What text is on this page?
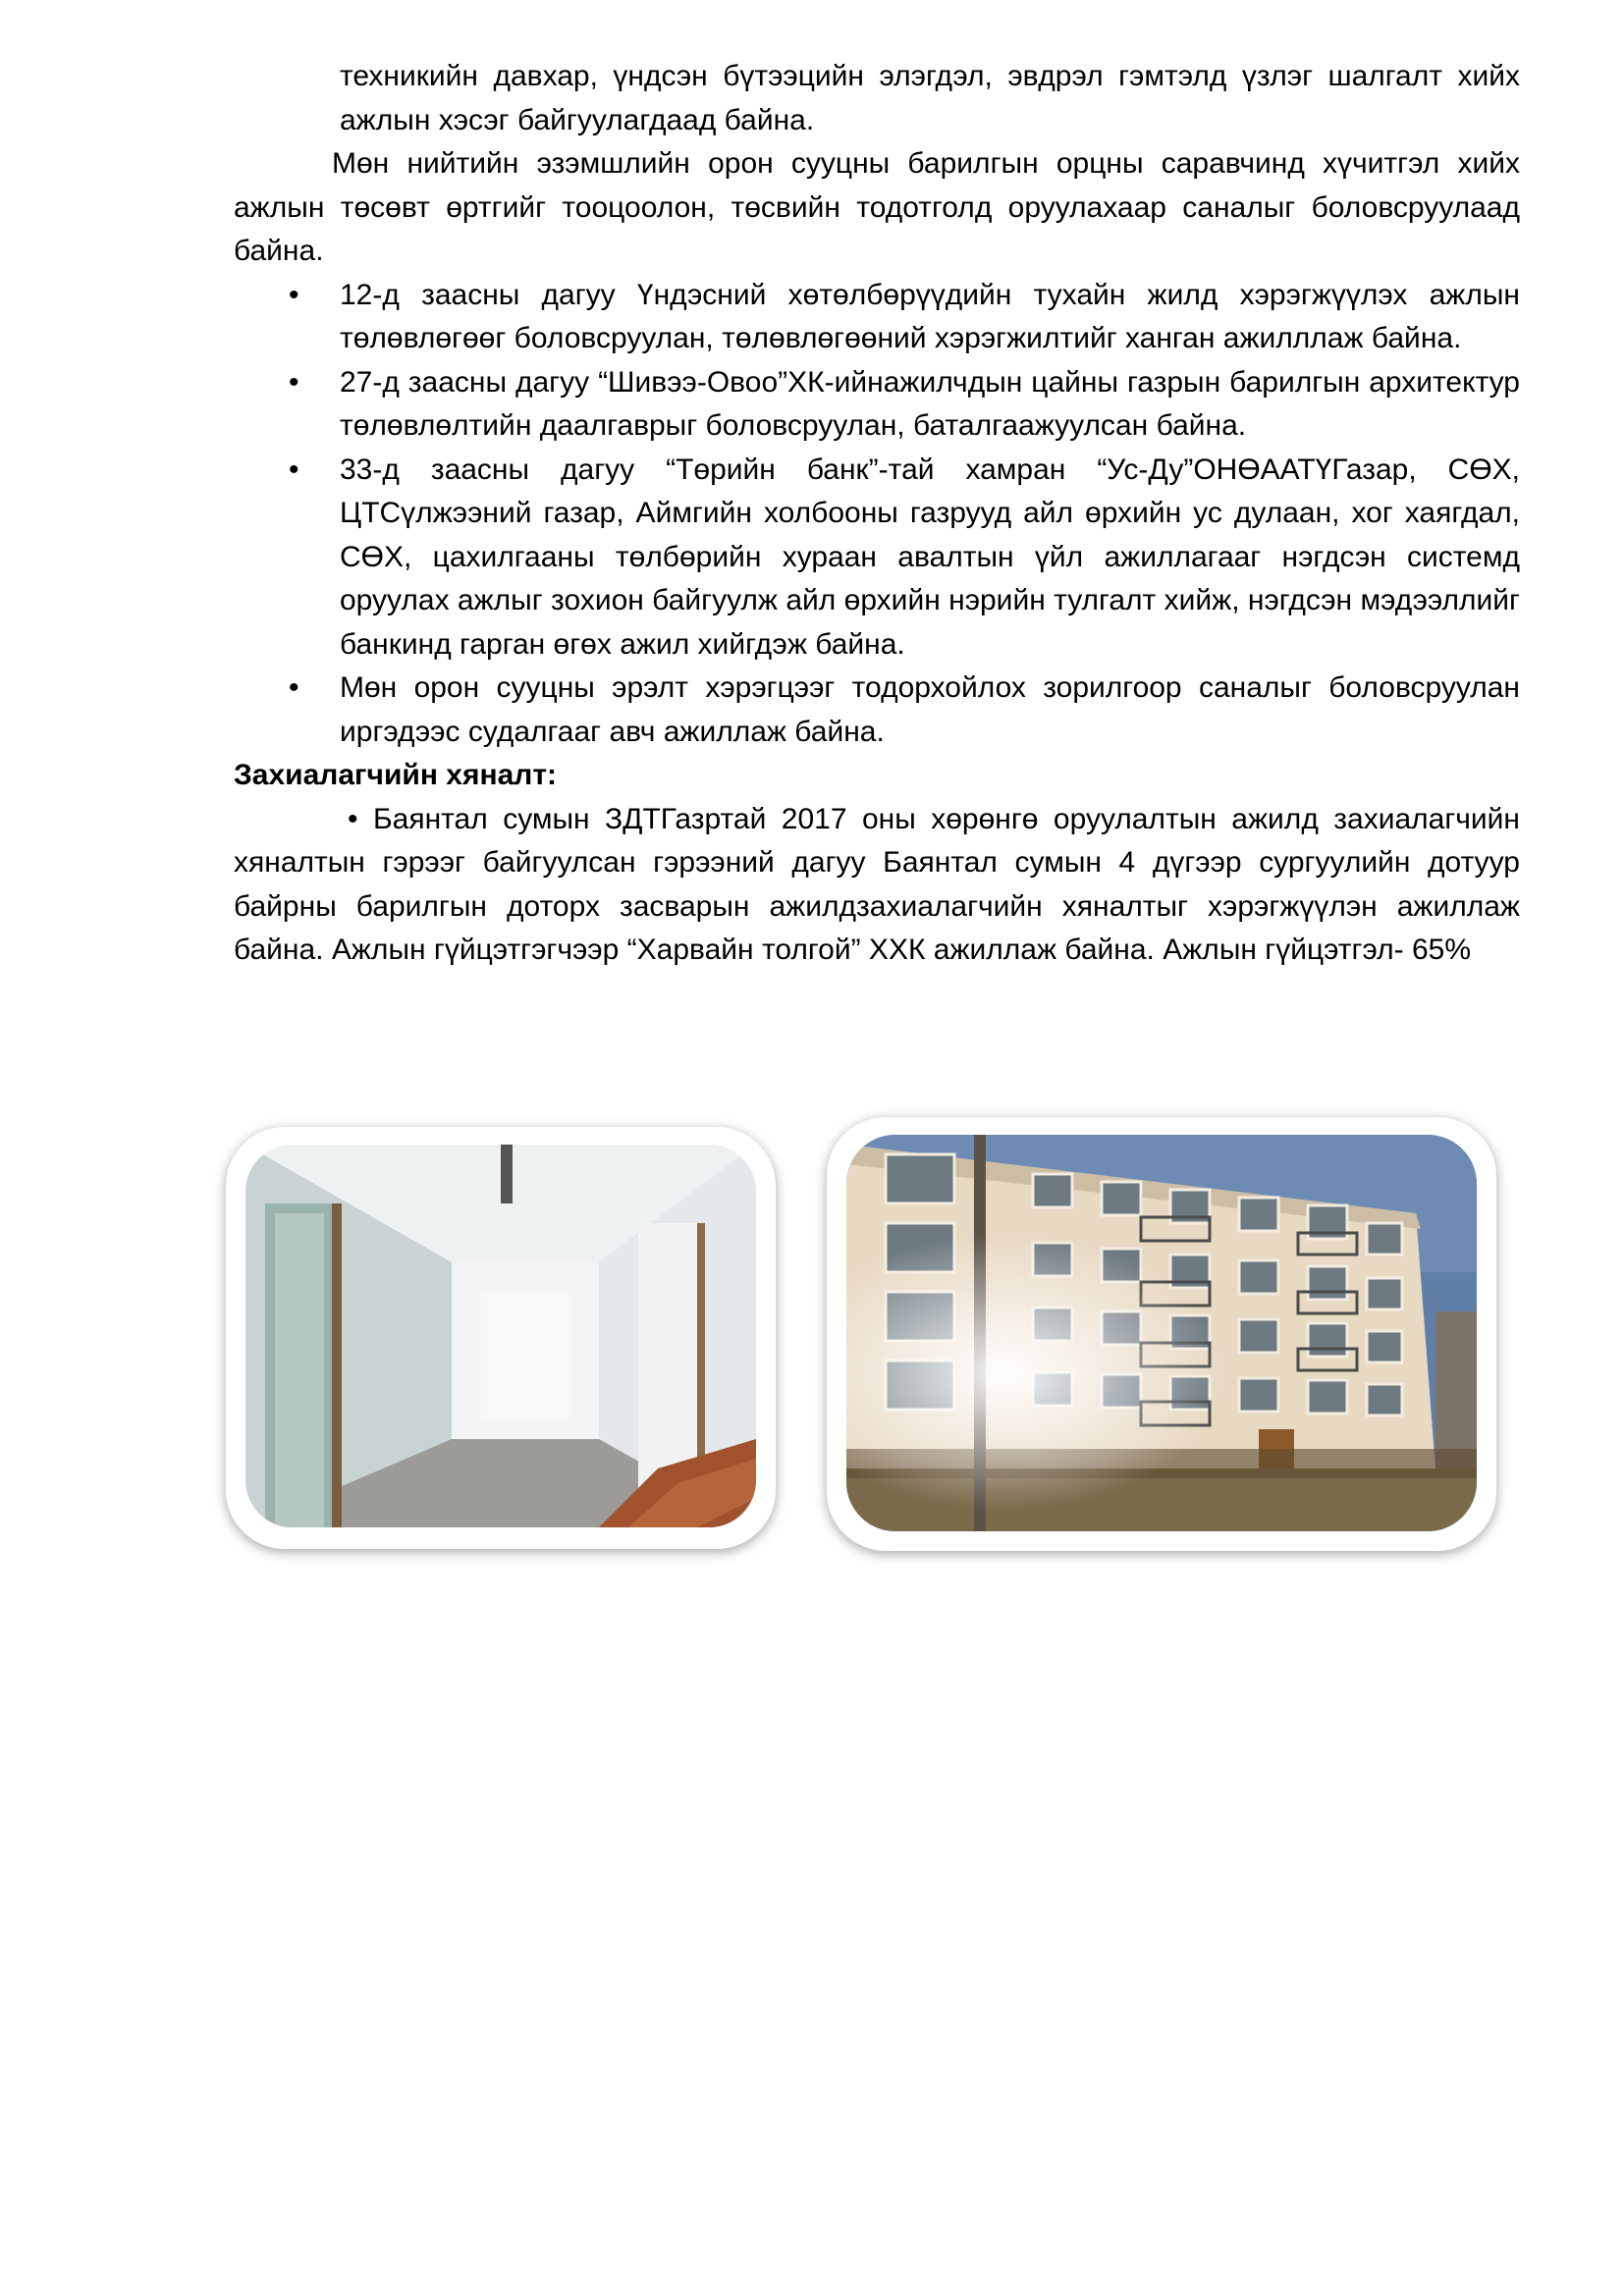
техникийн давхар, үндсэн бүтээцийн элэгдэл, эвдрэл гэмтэлд үзлэг шалгалт хийх ажлын хэсэг байгуулагдаад байна.

Мөн нийтийн эзэмшлийн орон сууцны барилгын орцны саравчинд хүчитгэл хийх ажлын төсөвт өртгийг тооцоолон, төсвийн тодотголд оруулахаар саналыг боловсруулаад байна.

• 12-д заасны дагуу Үндэсний хөтөлбөрүүдийн тухайн жилд хэрэгжүүлэх ажлын төлөвлөгөөг боловсруулан, төлөвлөгөөний хэрэгжилтийг ханган ажилллаж байна.
• 27-д заасны дагуу “Шивээ-Овоо”ХК-ийнажилчдын цайны газрын барилгын архитектур төлөвлөлтийн даалгаврыг боловсруулан, баталгаажуулсан байна.
• 33-д заасны дагуу “Төрийн банк”-тай хамран “Ус-Ду”ОНӨААТҮГазар, СӨХ, ЦТСүлжээний газар, Аймгийн холбооны газрууд айл өрхийн ус дулаан, хог хаягдал, СӨХ, цахилгааны төлбөрийн хураан авалтын үйл ажиллагааг нэгдсэн системд оруулах ажлыг зохион байгуулж айл өрхийн нэрийн тулгалт хийж, нэгдсэн мэдээллийг банкинд гарган өгөх ажил хийгдэж байна.
• Мөн орон сууцны эрэлт хэрэгцээг тодорхойлох зорилгоор саналыг боловсруулан иргэдээс судалгааг авч ажиллаж байна.

Захиалагчийн хяналт:

• Баянтал сумын ЗДТГазртай 2017 оны хөрөнгө оруулалтын ажилд захиалагчийн хяналтын гэрээг байгуулсан гэрээний дагуу Баянтал сумын 4 дүгээр сургуулийн дотуур байрны барилгын доторх засварын ажилдзахиалагчийн хяналтыг хэрэгжүүлэн ажиллаж байна. Ажлын гүйцэтгэгчээр “Харвайн толгой” ХХК ажиллаж байна. Ажлын гүйцэтгэл- 65%
